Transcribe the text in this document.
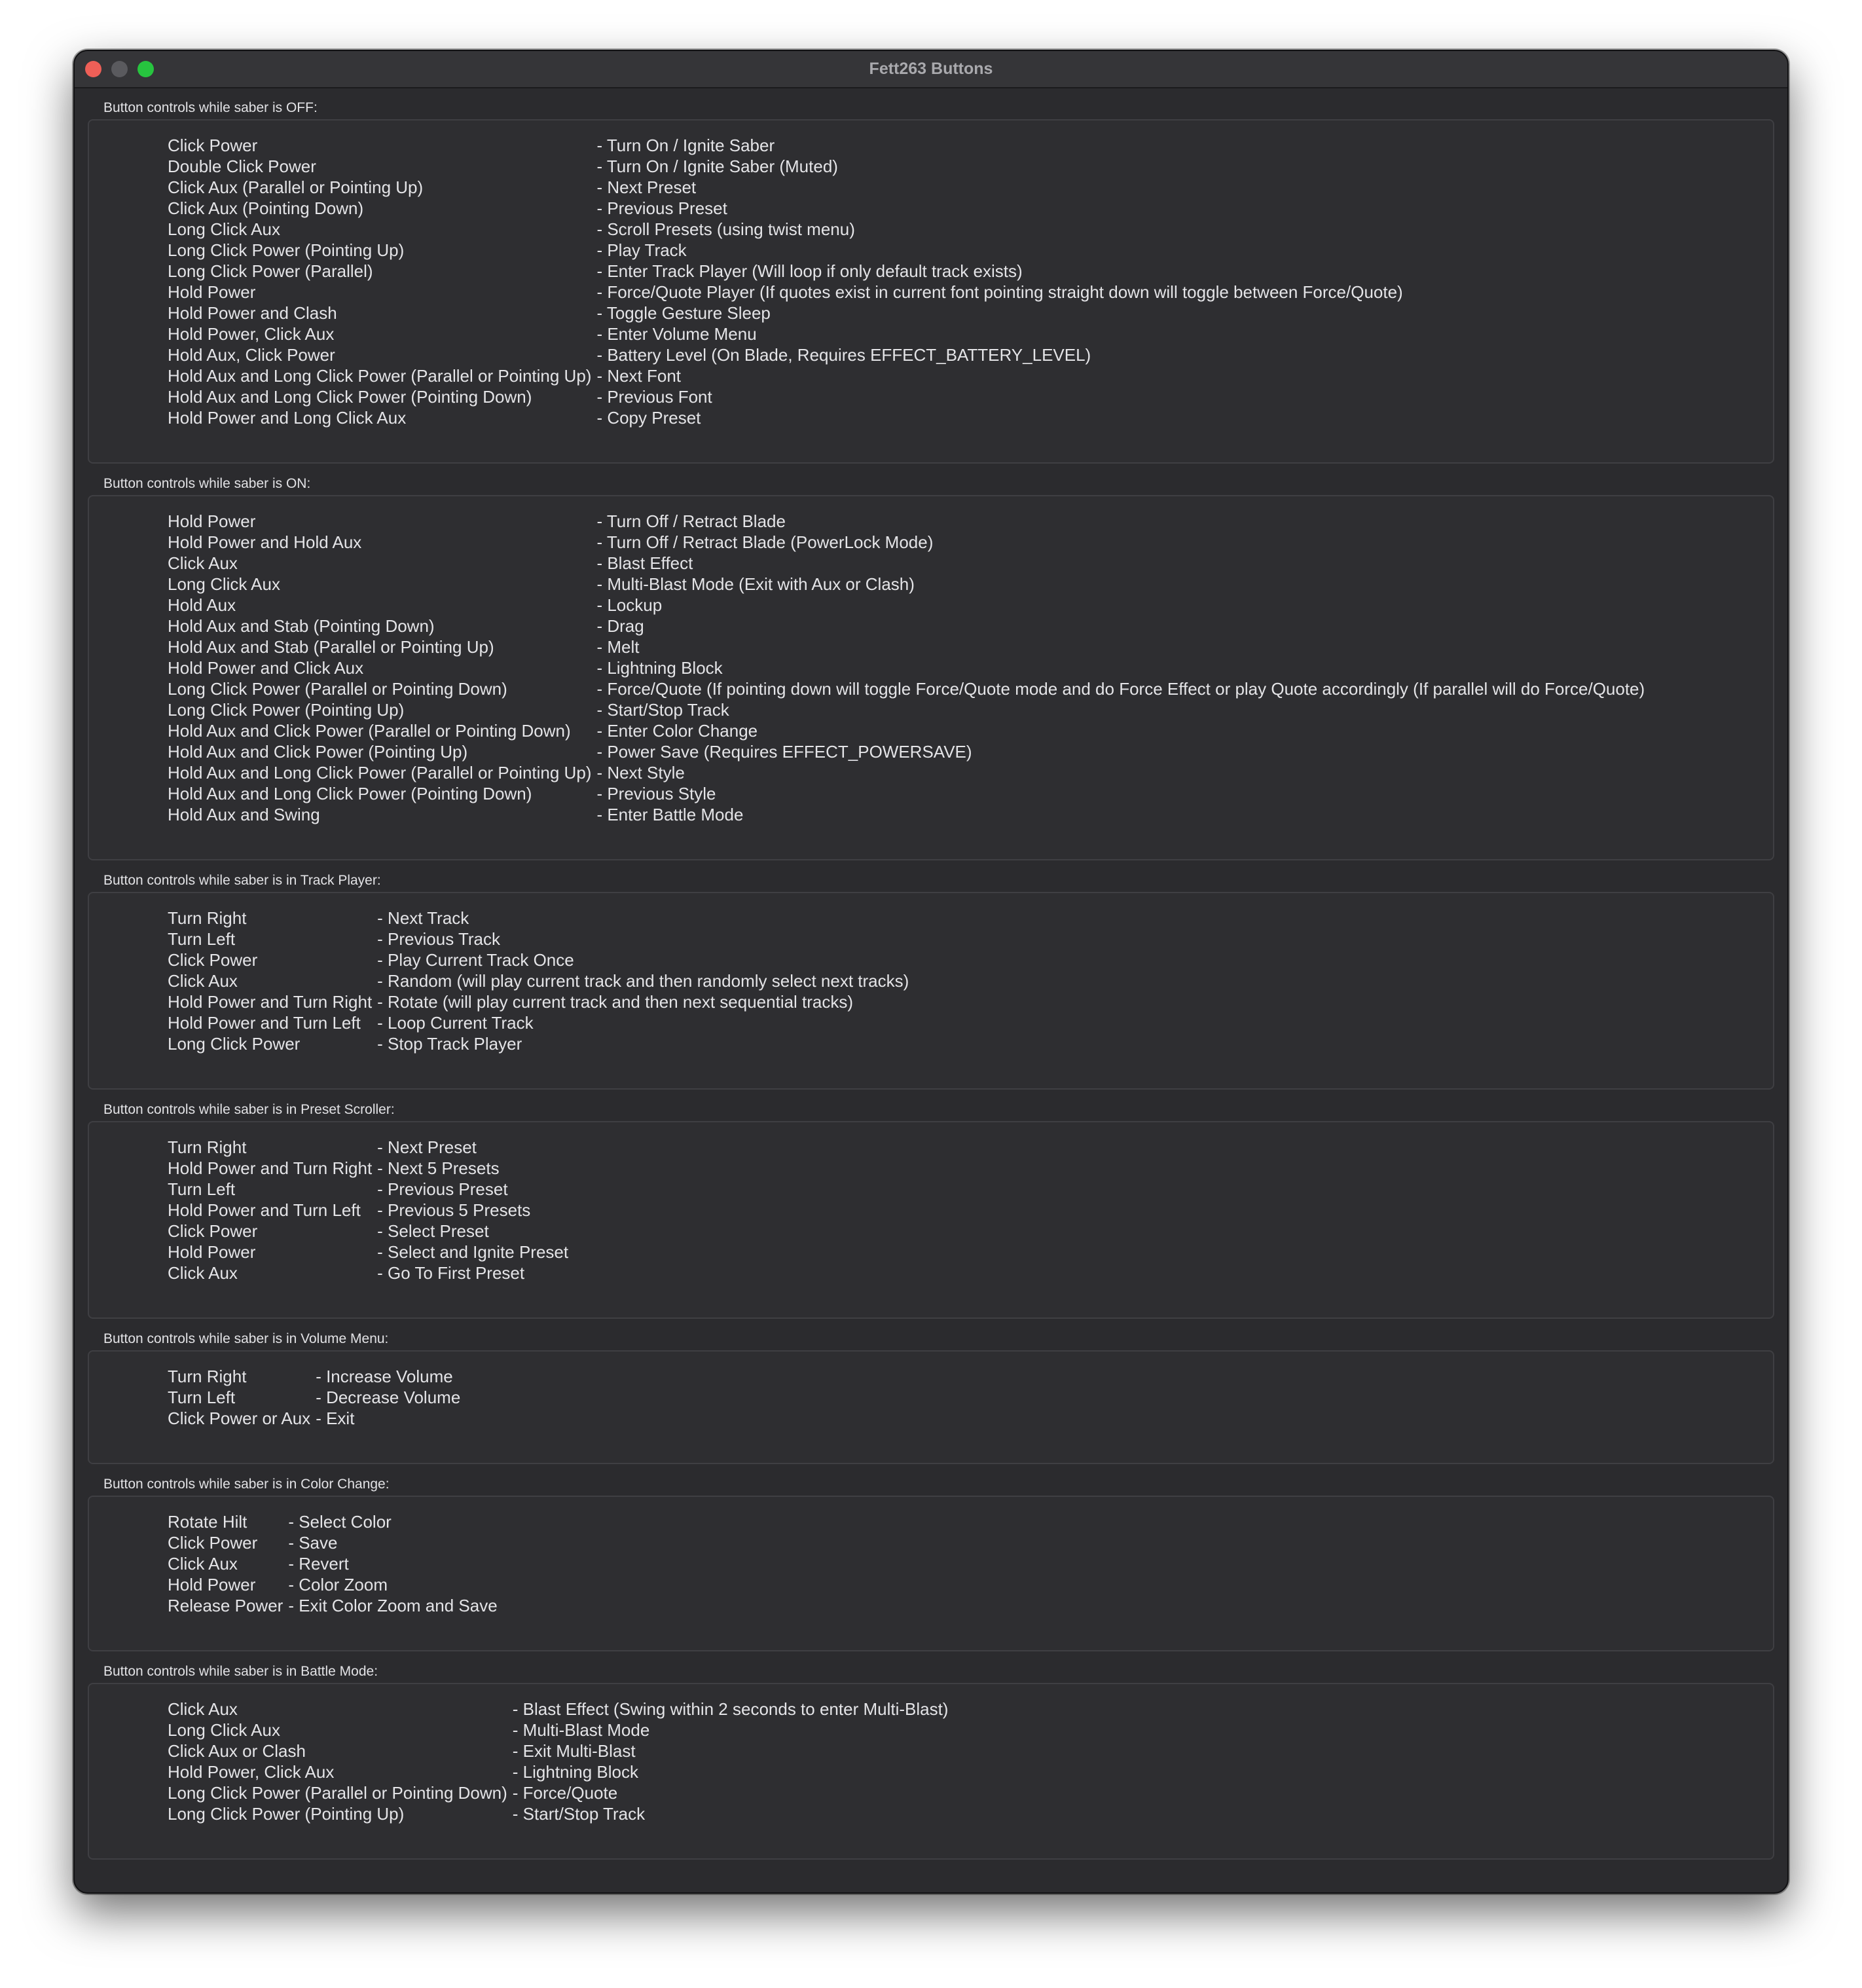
Fett263 Buttons
Button controls while saber is OFF:
Click Power	- Turn On / Ignite Saber
Double Click Power	- Turn On / Ignite Saber (Muted)
Click Aux (Parallel or Pointing Up)	- Next Preset
Click Aux (Pointing Down)	- Previous Preset
Long Click Aux	- Scroll Presets (using twist menu)
Long Click Power (Pointing Up)	- Play Track
Long Click Power (Parallel)	- Enter Track Player (Will loop if only default track exists)
Hold Power	- Force/Quote Player (If quotes exist in current font pointing straight down will toggle between Force/Quote)
Hold Power and Clash	- Toggle Gesture Sleep
Hold Power, Click Aux	- Enter Volume Menu
Hold Aux, Click Power	- Battery Level (On Blade, Requires EFFECT_BATTERY_LEVEL)
Hold Aux and Long Click Power (Parallel or Pointing Up)	- Next Font
Hold Aux and Long Click Power (Pointing Down)	- Previous Font
Hold Power and Long Click Aux	- Copy Preset
Button controls while saber is ON:
Hold Power	- Turn Off / Retract Blade
Hold Power and Hold Aux	- Turn Off / Retract Blade (PowerLock Mode)
Click Aux	- Blast Effect
Long Click Aux	- Multi-Blast Mode (Exit with Aux or Clash)
Hold Aux	- Lockup
Hold Aux and Stab (Pointing Down)	- Drag
Hold Aux and Stab (Parallel or Pointing Up)	- Melt
Hold Power and Click Aux	- Lightning Block
Long Click Power (Parallel or Pointing Down)	- Force/Quote (If pointing down will toggle Force/Quote mode and do Force Effect or play Quote accordingly (If parallel will do Force/Quote)
Long Click Power (Pointing Up)	- Start/Stop Track
Hold Aux and Click Power (Parallel or Pointing Down)	- Enter Color Change
Hold Aux and Click Power (Pointing Up)	- Power Save (Requires EFFECT_POWERSAVE)
Hold Aux and Long Click Power (Parallel or Pointing Up)	- Next Style
Hold Aux and Long Click Power (Pointing Down)	- Previous Style
Hold Aux and Swing	- Enter Battle Mode
Button controls while saber is in Track Player:
Turn Right	- Next Track
Turn Left	- Previous Track
Click Power	- Play Current Track Once
Click Aux	- Random (will play current track and then randomly select next tracks)
Hold Power and Turn Right	- Rotate (will play current track and then next sequential tracks)
Hold Power and Turn Left	- Loop Current Track
Long Click Power	- Stop Track Player
Button controls while saber is in Preset Scroller:
Turn Right	- Next Preset
Hold Power and Turn Right	- Next 5 Presets
Turn Left	- Previous Preset
Hold Power and Turn Left	- Previous 5 Presets
Click Power	- Select Preset
Hold Power	- Select and Ignite Preset
Click Aux	- Go To First Preset
Button controls while saber is in Volume Menu:
Turn Right	- Increase Volume
Turn Left	- Decrease Volume
Click Power or Aux	- Exit
Button controls while saber is in Color Change:
Rotate Hilt	- Select Color
Click Power	- Save
Click Aux	- Revert
Hold Power	- Color Zoom
Release Power	- Exit Color Zoom and Save
Button controls while saber is in Battle Mode:
Click Aux	- Blast Effect (Swing within 2 seconds to enter Multi-Blast)
Long Click Aux	- Multi-Blast Mode
Click Aux or Clash	- Exit Multi-Blast
Hold Power, Click Aux	- Lightning Block
Long Click Power (Parallel or Pointing Down)	- Force/Quote
Long Click Power (Pointing Up)	- Start/Stop Track
